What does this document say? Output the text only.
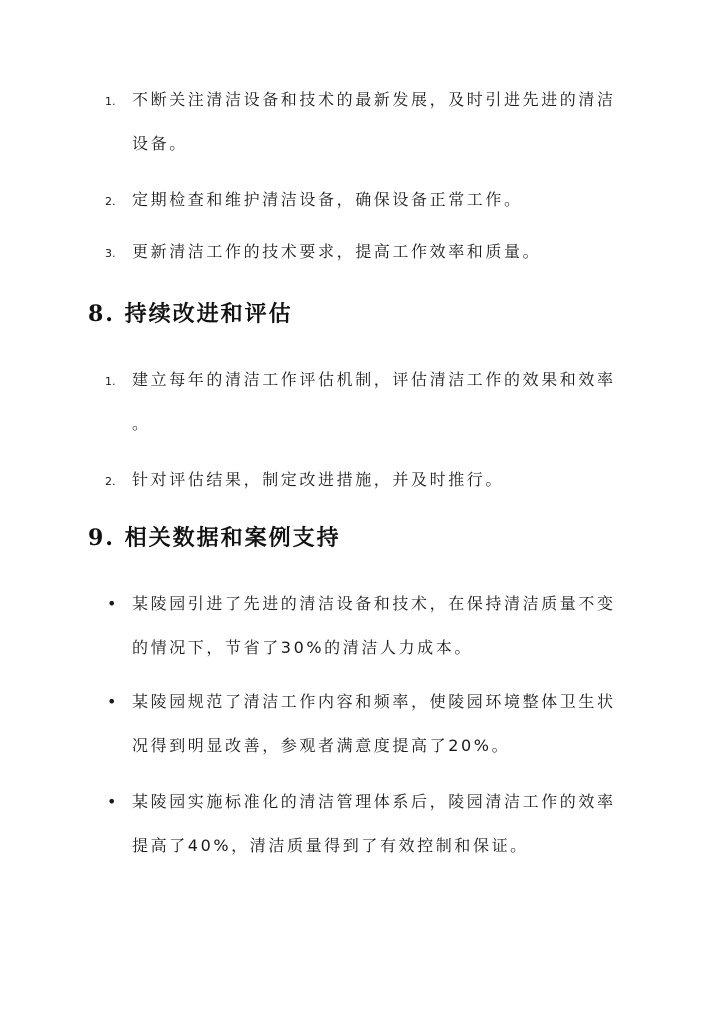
1. 不断关注清洁设备和技术的最新发展，及时引进先进的清洁
设备。
2. 定期检查和维护清洁设备，确保设备正常工作。
3. 更新清洁工作的技术要求，提高工作效率和质量。
8. 持续改进和评估
1. 建立每年的清洁工作评估机制，评估清洁工作的效果和效率
。
2. 针对评估结果，制定改进措施，并及时推行。
9. 相关数据和案例支持
• 某陵园引进了先进的清洁设备和技术，在保持清洁质量不变
的情况下，节省了30%的清洁人力成本。
• 某陵园规范了清洁工作内容和频率，使陵园环境整体卫生状
况得到明显改善，参观者满意度提高了20%。
• 某陵园实施标准化的清洁管理体系后，陵园清洁工作的效率
提高了40%，清洁质量得到了有效控制和保证。
